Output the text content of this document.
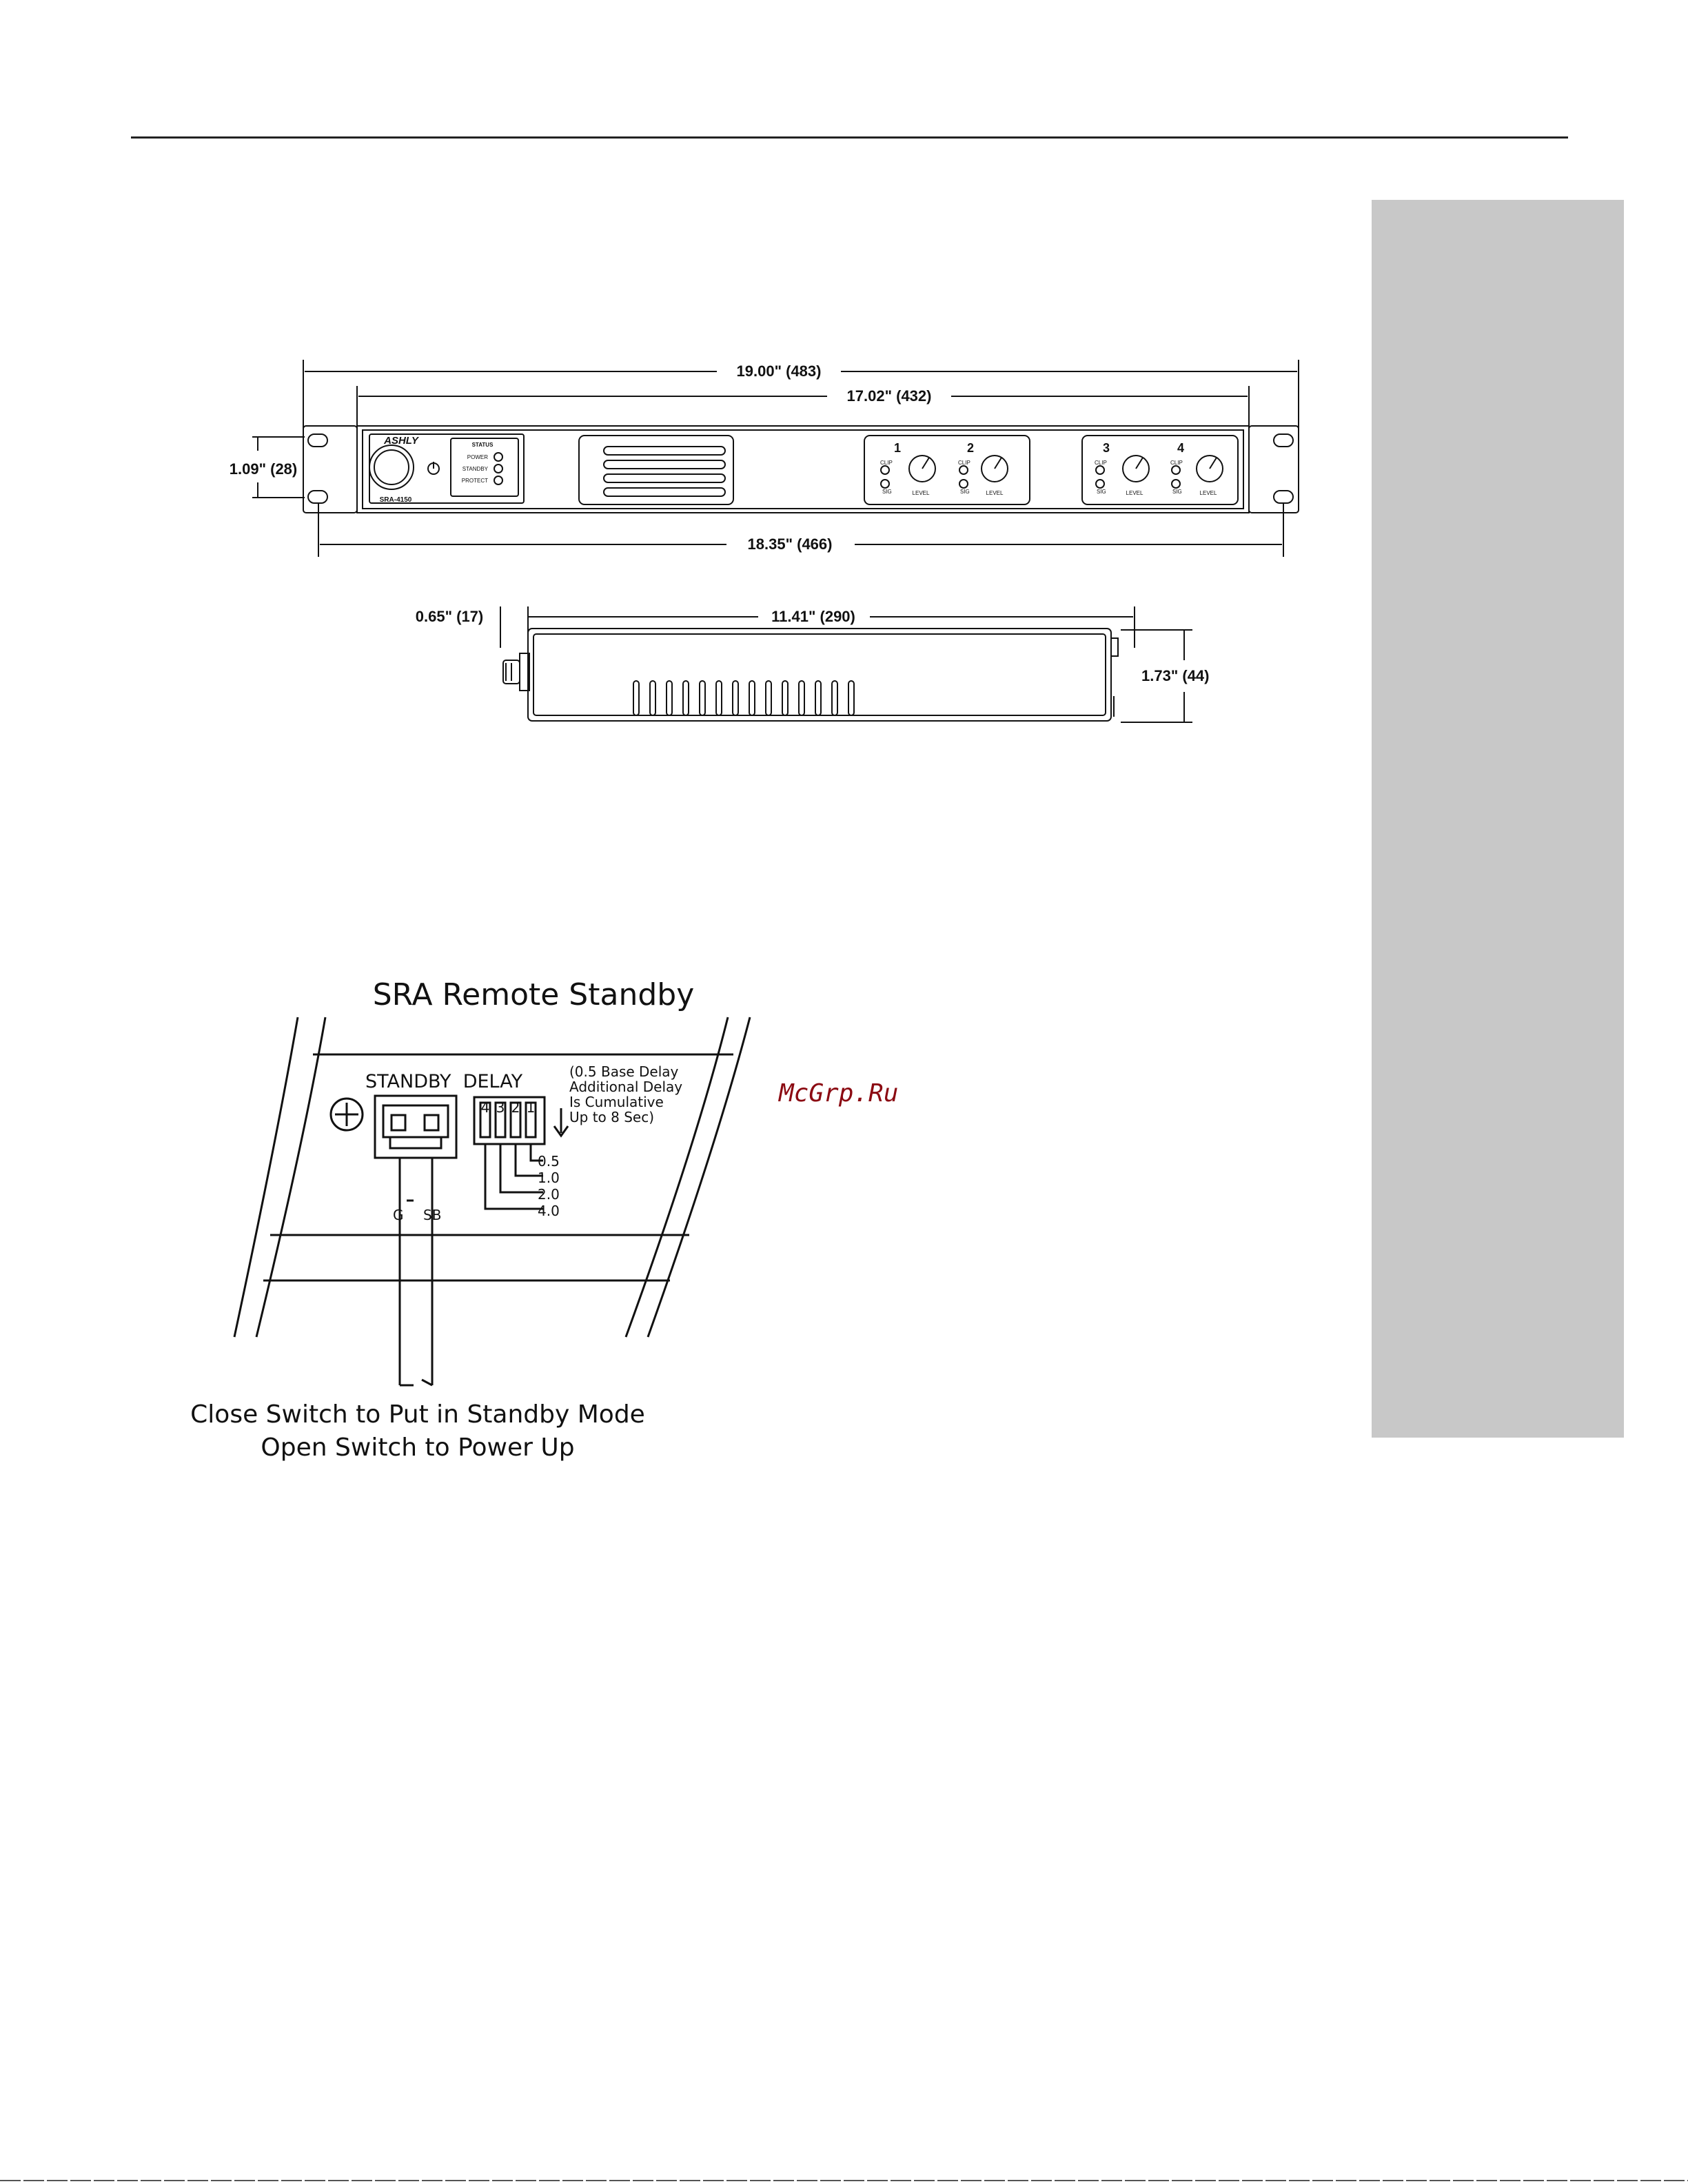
19.00" (483)
17.02" (432)
1.09" (28)
18.35" (466)
ASHLY
SRA-4150
STATUS
POWER
STANDBY
PROTECT
1	2	3	4
CLIP
SIG	LEVEL
CLIP
SIG	LEVEL
CLIP
SIG	LEVEL
CLIP
SIG	LEVEL
0.65" (17)	11.41" (290)
1.73" (44)
SRA Remote Standby
STANDBY  DELAY	(0.5 Base Delay
Additional Delay
Is Cumulative
Up to 8 Sec)
4 3 2 1
0.5
1.0
2.0
4.0
G SB
Close Switch to Put in Standby Mode
Open Switch to Power Up
McGrp.Ru
